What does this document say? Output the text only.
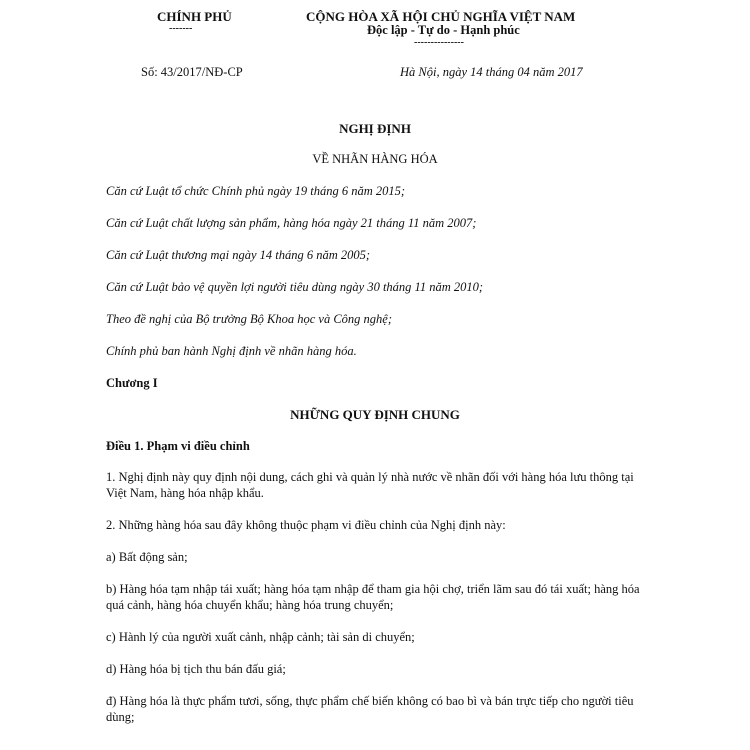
CHÍNH PHỦ
-------
CỘNG HÒA XÃ HỘI CHỦ NGHĨA VIỆT NAM
Độc lập - Tự do - Hạnh phúc
---------------
Số: 43/2017/NĐ-CP	Hà Nội, ngày 14 tháng 04 năm 2017
NGHỊ ĐỊNH
VỀ NHÃN HÀNG HÓA
Căn cứ Luật tổ chức Chính phủ ngày 19 tháng 6 năm 2015;
Căn cứ Luật chất lượng sản phẩm, hàng hóa ngày 21 tháng 11 năm 2007;
Căn cứ Luật thương mại ngày 14 tháng 6 năm 2005;
Căn cứ Luật bảo vệ quyền lợi người tiêu dùng ngày 30 tháng 11 năm 2010;
Theo đề nghị của Bộ trưởng Bộ Khoa học và Công nghệ;
Chính phủ ban hành Nghị định về nhãn hàng hóa.
Chương I
NHỮNG QUY ĐỊNH CHUNG
Điều 1. Phạm vi điều chỉnh
1. Nghị định này quy định nội dung, cách ghi và quản lý nhà nước về nhãn đối với hàng hóa lưu thông tại Việt Nam, hàng hóa nhập khẩu.
2. Những hàng hóa sau đây không thuộc phạm vi điều chỉnh của Nghị định này:
a) Bất động sản;
b) Hàng hóa tạm nhập tái xuất; hàng hóa tạm nhập để tham gia hội chợ, triển lãm sau đó tái xuất; hàng hóa quá cảnh, hàng hóa chuyển khẩu; hàng hóa trung chuyển;
c) Hành lý của người xuất cảnh, nhập cảnh; tài sản di chuyển;
d) Hàng hóa bị tịch thu bán đấu giá;
đ) Hàng hóa là thực phẩm tươi, sống, thực phẩm chế biến không có bao bì và bán trực tiếp cho người tiêu dùng;
